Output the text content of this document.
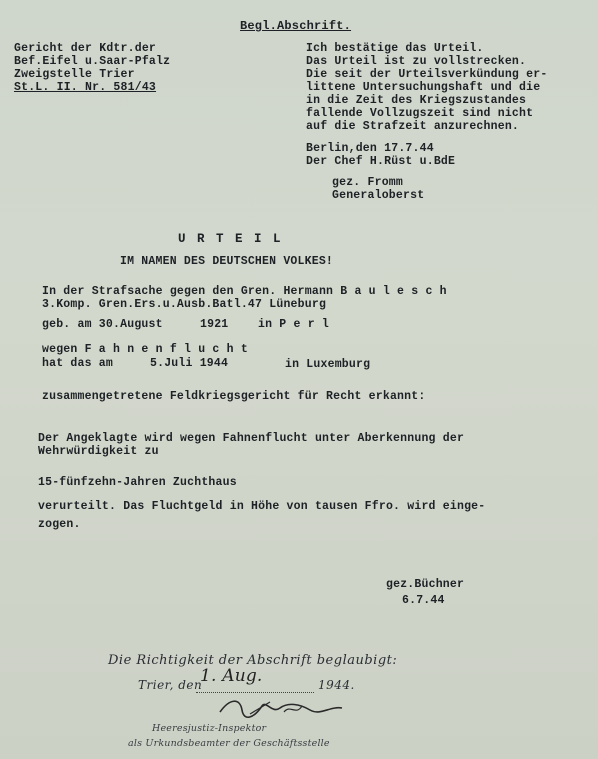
Begl.Abschrift.
Gericht der Kdtr.der
Bef.Eifel u.Saar-Pfalz
Zweigstelle Trier
St.L. II. Nr. 581/43
Ich bestätige das Urteil.
Das Urteil ist zu vollstrecken.
Die seit der Urteilsverkündung er-
littene Untersuchungshaft und die
in die Zeit des Kriegszustandes
fallende Vollzugszeit sind nicht
auf die Strafzeit anzurechnen.
Berlin,den 17.7.44
Der Chef H.Rüst u.BdE
gez. Fromm
Generaloberst
U R T E I L
IM NAMEN DES DEUTSCHEN VOLKES!
In der Strafsache gegen den Gren. Hermann B a u l e s c h
3.Komp. Gren.Ers.u.Ausb.Batl.47 Lüneburg
geb. am 30.August	1921	in P e r l
wegen F a h n e n f l u c h t
hat das am	5.Juli 1944	in Luxemburg
zusammengetretene Feldkriegsgericht für Recht erkannt:
Der Angeklagte wird wegen Fahnenflucht unter Aberkennung der
Wehrwürdigkeit zu
15-fünfzehn-Jahren Zuchthaus
verurteilt. Das Fluchtgeld in Höhe von tausen Ffro. wird einge-
zogen.
gez.Büchner
6.7.44
Die Richtigkeit der Abschrift beglaubigt:
Trier, den
1. Aug.	1944.
Heeresjustiz-Inspektor
als Urkundsbeamter der Geschäftsstelle
